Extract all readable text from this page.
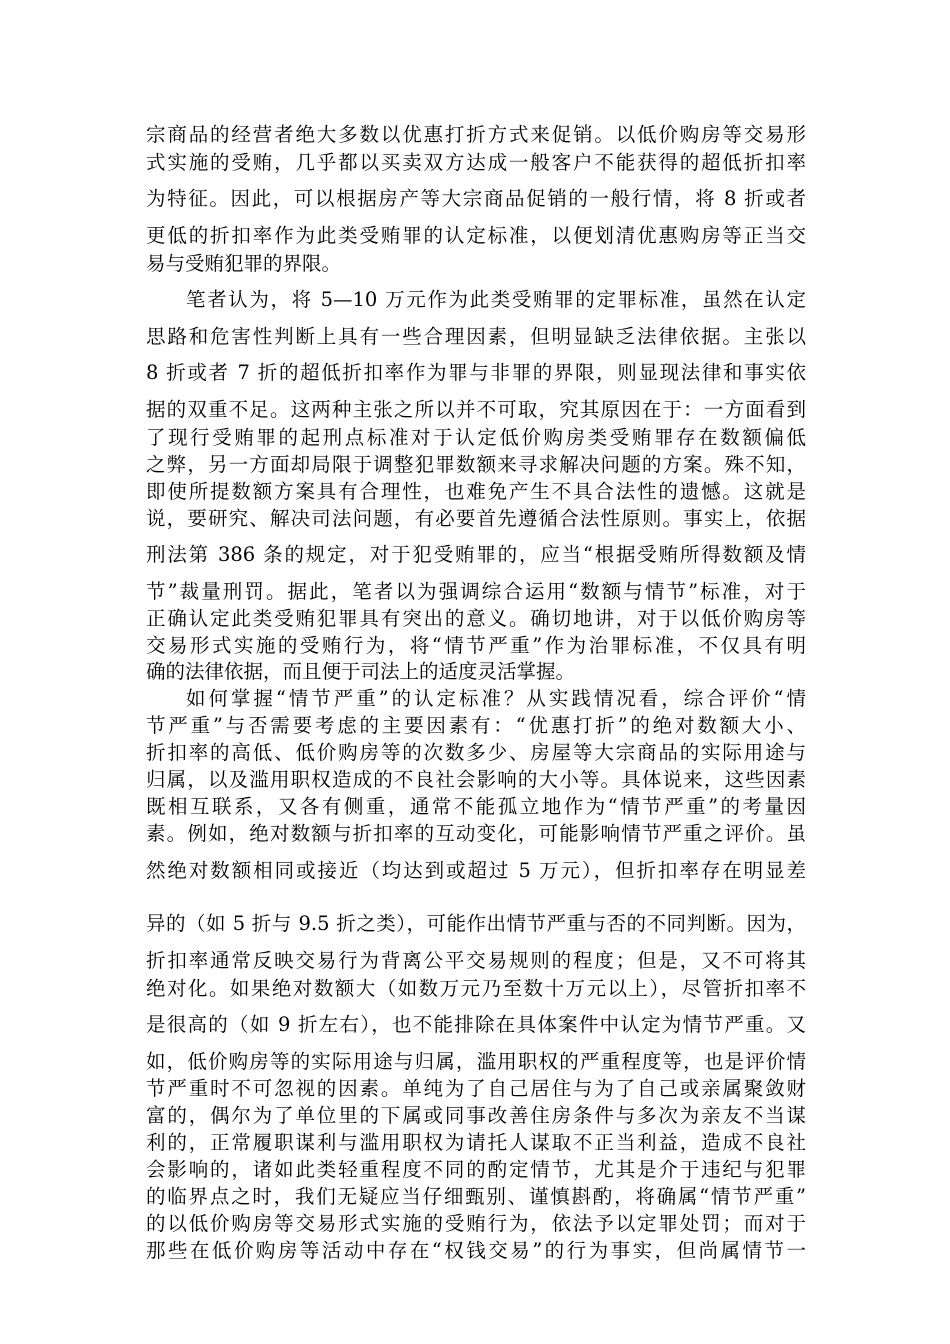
宗商品的经营者绝大多数以优惠打折方式来促销。以低价购房等交易形
式实施的受贿，几乎都以买卖双方达成一般客户不能获得的超低折扣率
为特征。因此，可以根据房产等大宗商品促销的一般行情，将 8 折或者
更低的折扣率作为此类受贿罪的认定标准，以便划清优惠购房等正当交
易与受贿犯罪的界限。
笔者认为，将 5—10 万元作为此类受贿罪的定罪标准，虽然在认定
思路和危害性判断上具有一些合理因素，但明显缺乏法律依据。主张以
8 折或者 7 折的超低折扣率作为罪与非罪的界限，则显现法律和事实依
据的双重不足。这两种主张之所以并不可取，究其原因在于：一方面看到
了现行受贿罪的起刑点标准对于认定低价购房类受贿罪存在数额偏低
之弊，另一方面却局限于调整犯罪数额来寻求解决问题的方案。殊不知，
即使所提数额方案具有合理性，也难免产生不具合法性的遗憾。这就是
说，要研究、解决司法问题，有必要首先遵循合法性原则。事实上，依据
刑法第 386 条的规定，对于犯受贿罪的，应当“根据受贿所得数额及情
节”裁量刑罚。据此，笔者以为强调综合运用“数额与情节”标准，对于
正确认定此类受贿犯罪具有突出的意义。确切地讲，对于以低价购房等
交易形式实施的受贿行为，将“情节严重”作为治罪标准，不仅具有明
确的法律依据，而且便于司法上的适度灵活掌握。
如何掌握“情节严重”的认定标准？从实践情况看，综合评价“情
节严重”与否需要考虑的主要因素有：“优惠打折”的绝对数额大小、
折扣率的高低、低价购房等的次数多少、房屋等大宗商品的实际用途与
归属，以及滥用职权造成的不良社会影响的大小等。具体说来，这些因素
既相互联系，又各有侧重，通常不能孤立地作为“情节严重”的考量因
素。例如，绝对数额与折扣率的互动变化，可能影响情节严重之评价。虽
然绝对数额相同或接近（均达到或超过 5 万元），但折扣率存在明显差
异的（如 5 折与 9.5 折之类），可能作出情节严重与否的不同判断。因为，
折扣率通常反映交易行为背离公平交易规则的程度；但是，又不可将其
绝对化。如果绝对数额大（如数万元乃至数十万元以上），尽管折扣率不
是很高的（如 9 折左右），也不能排除在具体案件中认定为情节严重。又
如，低价购房等的实际用途与归属，滥用职权的严重程度等，也是评价情
节严重时不可忽视的因素。单纯为了自己居住与为了自己或亲属聚敛财
富的，偶尔为了单位里的下属或同事改善住房条件与多次为亲友不当谋
利的，正常履职谋利与滥用职权为请托人谋取不正当利益，造成不良社
会影响的，诸如此类轻重程度不同的酌定情节，尤其是介于违纪与犯罪
的临界点之时，我们无疑应当仔细甄别、谨慎斟酌，将确属“情节严重”
的以低价购房等交易形式实施的受贿行为，依法予以定罪处罚；而对于
那些在低价购房等活动中存在“权钱交易”的行为事实，但尚属情节一
